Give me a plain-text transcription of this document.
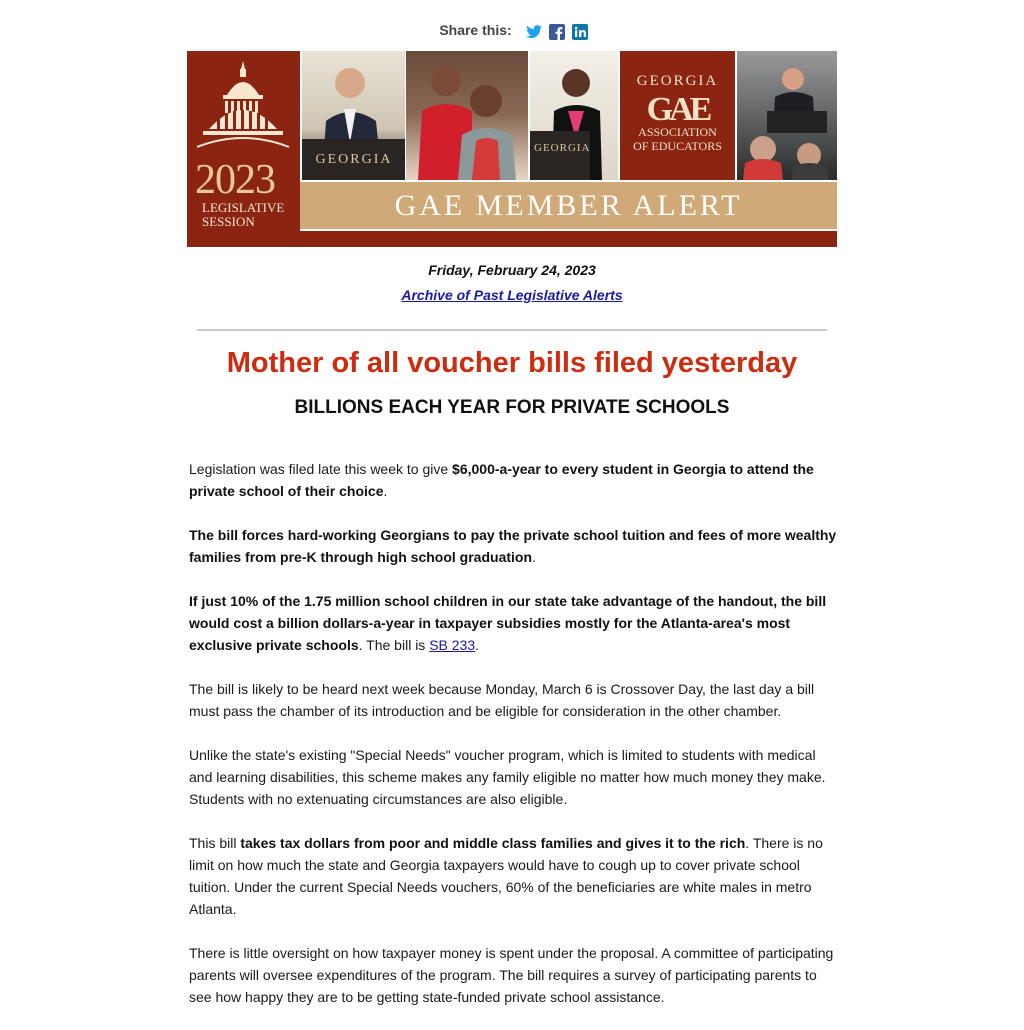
Share this:
2023
LEGISLATIVE
SESSION
GEORGIA
GEORGIA
GEORGIA
GAE
ASSOCIATION
OF EDUCATORS
GAE MEMBER ALERT
Friday, February 24, 2023
Archive of Past Legislative Alerts
Mother of all voucher bills filed yesterday
BILLIONS EACH YEAR FOR PRIVATE SCHOOLS

Legislation was filed late this week to give $6,000-a-year to every student in Georgia to attend the private school of their choice.

The bill forces hard-working Georgians to pay the private school tuition and fees of more wealthy families from pre-K through high school graduation.

If just 10% of the 1.75 million school children in our state take advantage of the handout, the bill would cost a billion dollars-a-year in taxpayer subsidies mostly for the Atlanta-area's most exclusive private schools. The bill is SB 233.

The bill is likely to be heard next week because Monday, March 6 is Crossover Day, the last day a bill must pass the chamber of its introduction and be eligible for consideration in the other chamber.

Unlike the state's existing "Special Needs" voucher program, which is limited to students with medical and learning disabilities, this scheme makes any family eligible no matter how much money they make. Students with no extenuating circumstances are also eligible.

This bill takes tax dollars from poor and middle class families and gives it to the rich. There is no limit on how much the state and Georgia taxpayers would have to cough up to cover private school tuition. Under the current Special Needs vouchers, 60% of the beneficiaries are white males in metro Atlanta.

There is little oversight on how taxpayer money is spent under the proposal. A committee of participating parents will oversee expenditures of the program. The bill requires a survey of participating parents to see how happy they are to be getting state-funded private school assistance.
